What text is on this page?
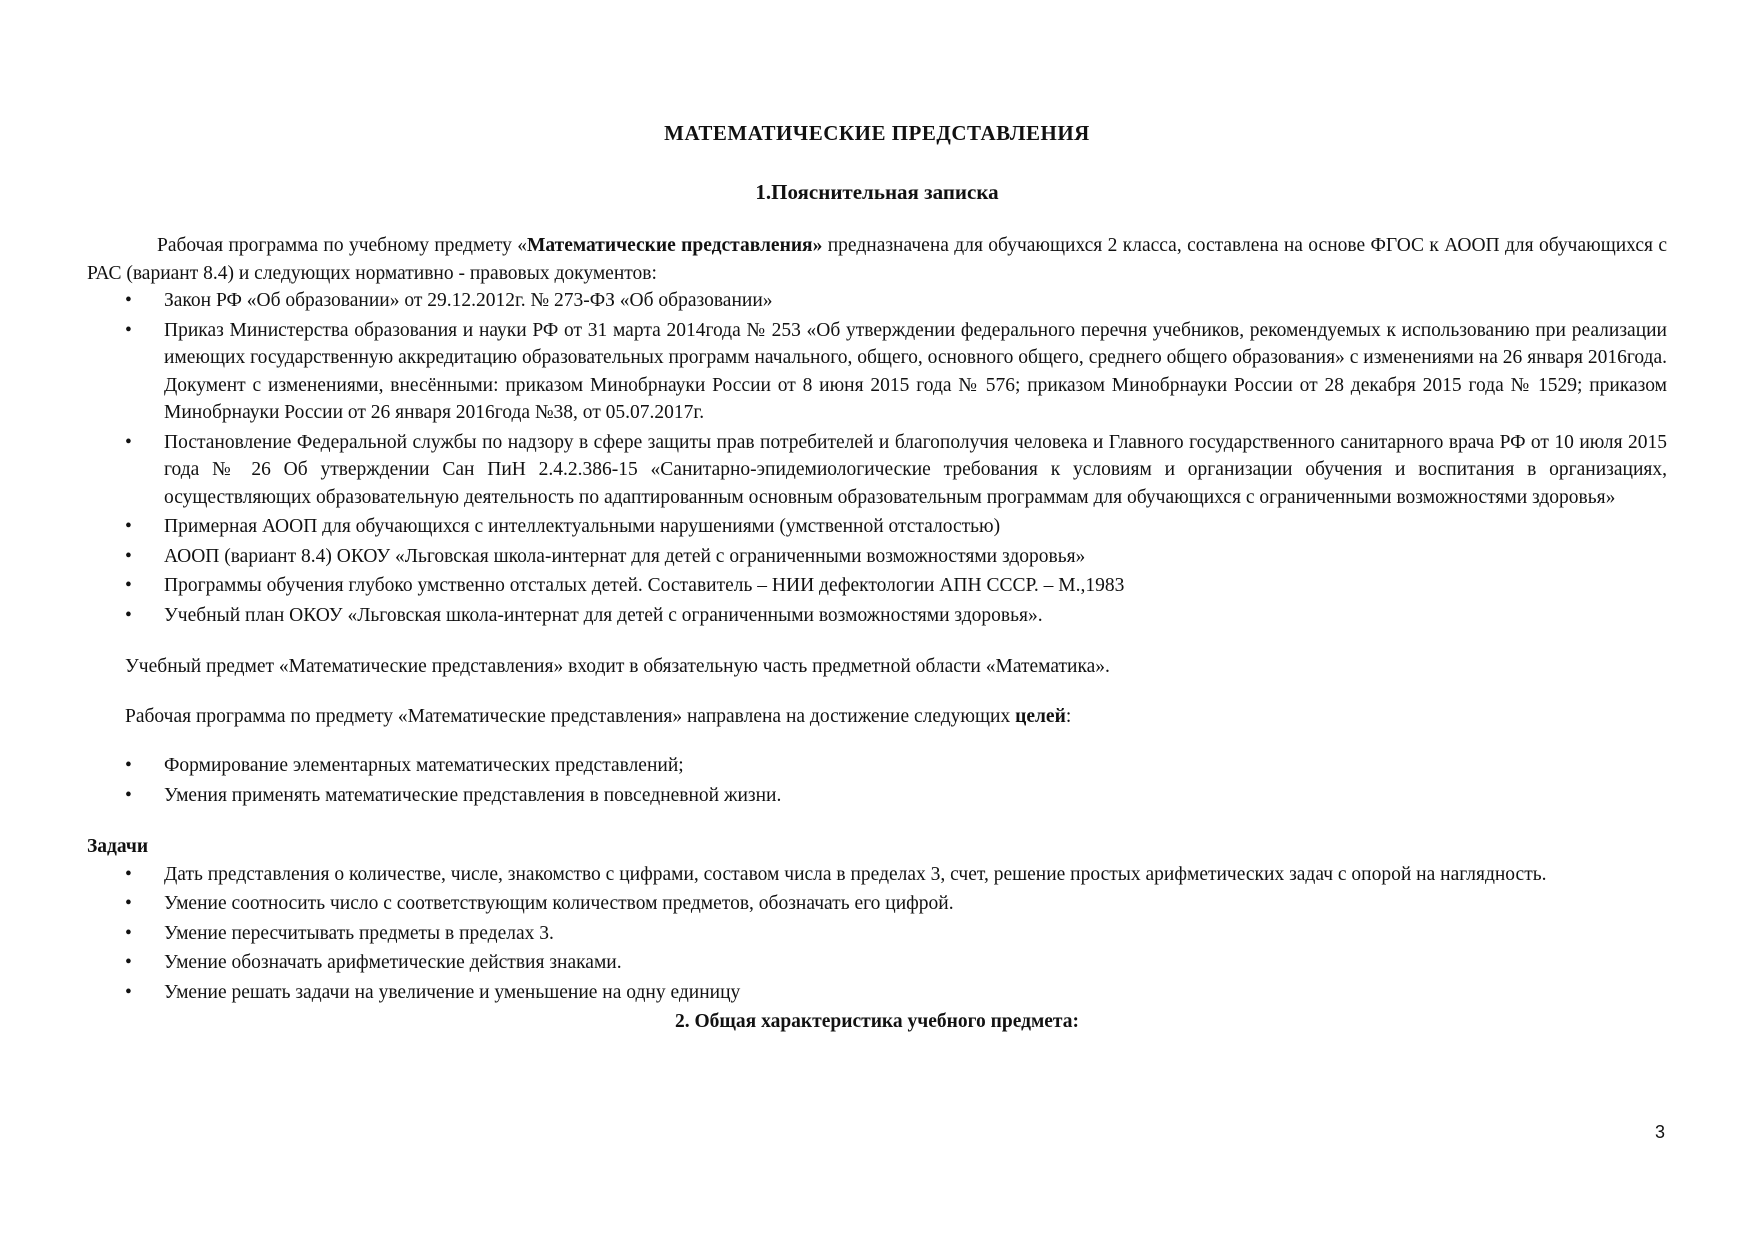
МАТЕМАТИЧЕСКИЕ ПРЕДСТАВЛЕНИЯ

1.Пояснительная записка

Рабочая программа по учебному предмету «Математические представления» предназначена для обучающихся 2 класса, составлена на основе ФГОС к АООП для обучающихся с РАС (вариант 8.4) и следующих нормативно - правовых документов:

• Закон РФ «Об образовании» от 29.12.2012г. № 273-ФЗ «Об образовании»
• Приказ Министерства образования и науки РФ от 31 марта 2014года № 253 «Об утверждении федерального перечня учебников, рекомендуемых к использованию при реализации имеющих государственную аккредитацию образовательных программ начального, общего, основного общего, среднего общего образования» с изменениями на 26 января 2016года. Документ с изменениями, внесёнными: приказом Минобрнауки России от 8 июня 2015 года № 576; приказом Минобрнауки России от 28 декабря 2015 года № 1529; приказом Минобрнауки России от 26 января 2016года №38, от 05.07.2017г.
• Постановление Федеральной службы по надзору в сфере защиты прав потребителей и благополучия человека и Главного государственного санитарного врача РФ от 10 июля 2015 года № 26 Об утверждении Сан ПиН 2.4.2.386-15 «Санитарно-эпидемиологические требования к условиям и организации обучения и воспитания в организациях, осуществляющих образовательную деятельность по адаптированным основным образовательным программам для обучающихся с ограниченными возможностями здоровья»
• Примерная АООП для обучающихся с интеллектуальными нарушениями (умственной отсталостью)
• АООП (вариант 8.4) ОКОУ «Льговская школа-интернат для детей с ограниченными возможностями здоровья»
• Программы обучения глубоко умственно отсталых детей. Составитель – НИИ дефектологии АПН СССР. – М.,1983
• Учебный план ОКОУ «Льговская школа-интернат для детей с ограниченными возможностями здоровья».

Учебный предмет «Математические представления» входит в обязательную часть предметной области «Математика».

Рабочая программа по предмету «Математические представления» направлена на достижение следующих целей:

• Формирование элементарных математических представлений;
• Умения применять математические представления в повседневной жизни.

Задачи

• Дать представления о количестве, числе, знакомство с цифрами, составом числа в пределах 3, счет, решение простых арифметических задач с опорой на наглядность.
• Умение соотносить число с соответствующим количеством предметов, обозначать его цифрой.
• Умение пересчитывать предметы в пределах 3.
• Умение обозначать арифметические действия знаками.
• Умение решать задачи на увеличение и уменьшение на одну единицу

2. Общая характеристика учебного предмета:

3
